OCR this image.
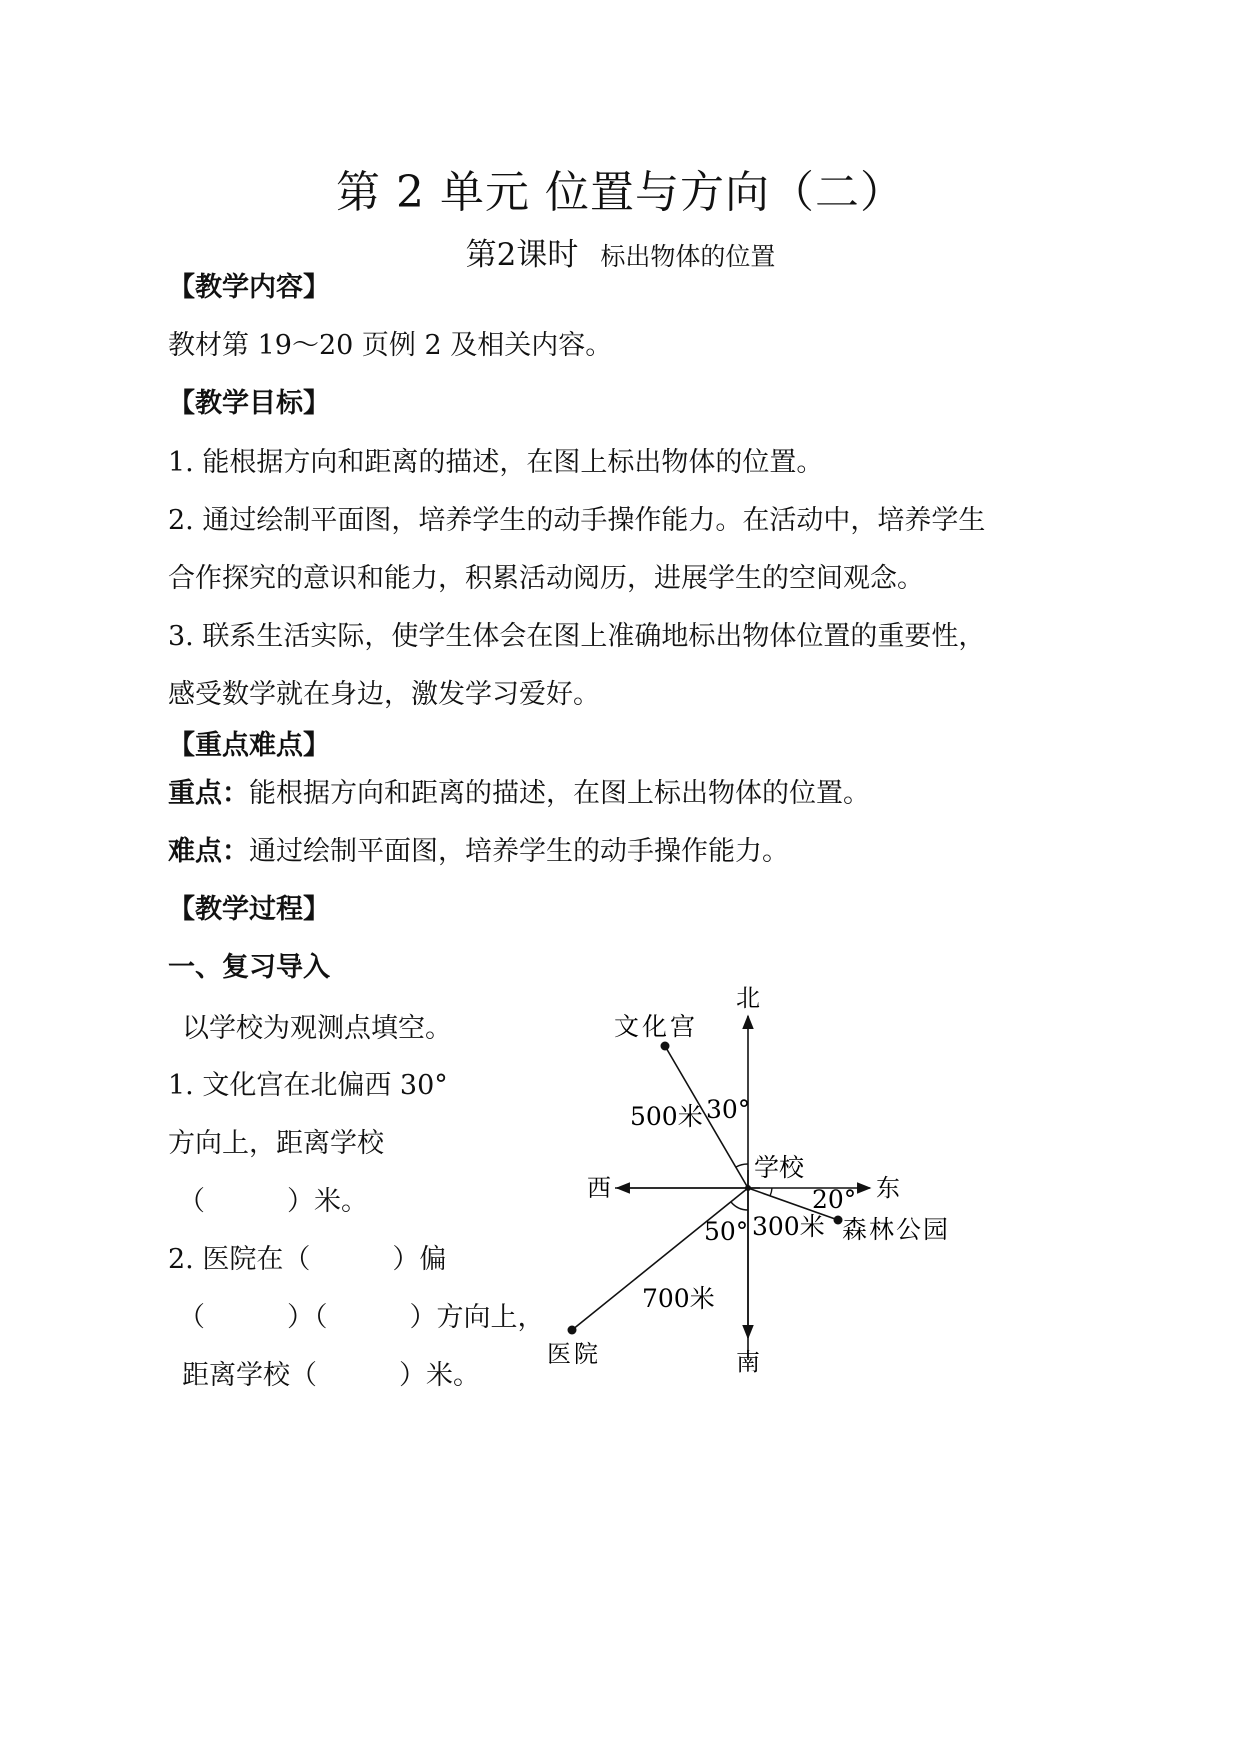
第 2 单元 位置与方向（二）
第2课时 标出物体的位置
【教学内容】
教材第 19～20 页例 2 及相关内容。
【教学目标】
1. 能根据方向和距离的描述，在图上标出物体的位置。
2. 通过绘制平面图，培养学生的动手操作能力。在活动中，培养学生
合作探究的意识和能力，积累活动阅历，进展学生的空间观念。
3. 联系生活实际，使学生体会在图上准确地标出物体位置的重要性，
感受数学就在身边，激发学习爱好。
【重点难点】
重点：能根据方向和距离的描述，在图上标出物体的位置。
难点：通过绘制平面图，培养学生的动手操作能力。
【教学过程】
一、复习导入
以学校为观测点填空。
1. 文化宫在北偏西 30°
方向上，距离学校
（	）米。
2. 医院在（	）偏
（	）（	）方向上，
距离学校（	）米。
北
南
东
西
学校
文化宫
森林公园
医院
500米
300米
700米
30°
20°
50°
